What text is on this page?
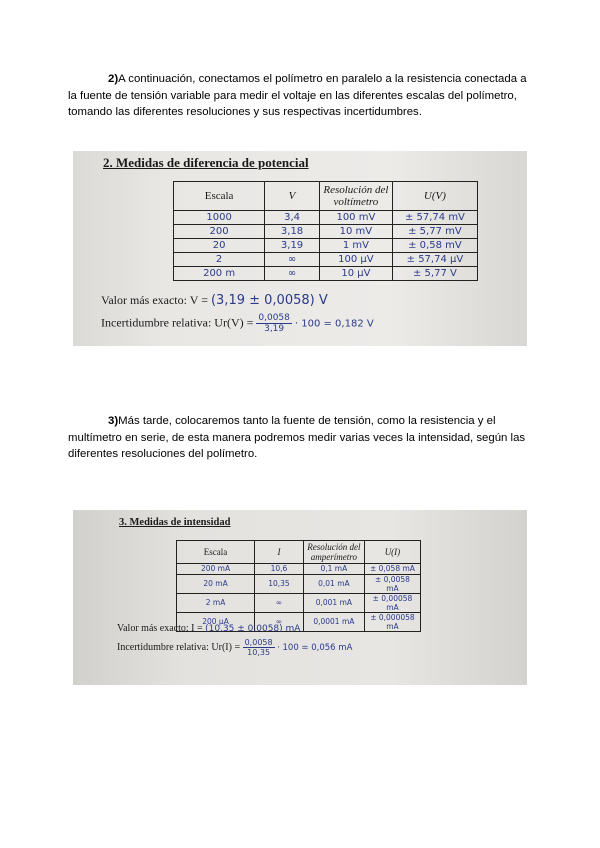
2)A continuación, conectamos el polímetro en paralelo a la resistencia conectada a la fuente de tensión variable para medir el voltaje en las diferentes escalas del polímetro, tomando las diferentes resoluciones y sus respectivas incertidumbres.
2. Medidas de diferencia de potencial
Escala	V	Resolución del voltímetro	U(V)
1000	3,4	100 mV	± 57,74 mV
200	3,18	10 mV	± 5,77 mV
20	3,19	1 mV	± 0,58 mV
2	∞	100 µV	± 57,74 µV
200 m	∞	10 µV	± 5,77 V
Valor más exacto: V = (3,19 ± 0,0058) V
Incertidumbre relativa: $Ur(V) = \frac{0,0058}{3,19} \cdot 100 = 0,182$ V
3)Más tarde, colocaremos tanto la fuente de tensión, como la resistencia y el multímetro en serie, de esta manera podremos medir varias veces la intensidad, según las diferentes resoluciones del polímetro.
3. Medidas de intensidad
Escala	I	Resolución del amperímetro	U(I)
200 mA	10,6	0,1 mA	± 0,058 mA
20 mA	10,35	0,01 mA	± 0,0058 mA
2 mA	∞	0,001 mA	± 0,00058 mA
200 µA	∞	0,0001 mA	± 0,000058 mA
Valor más exacto: I = (10,35 ± 0,0058) mA
Incertidumbre relativa: $Ur(I) = \frac{0,0058}{10,35} \cdot 100 = 0,056$ mA
